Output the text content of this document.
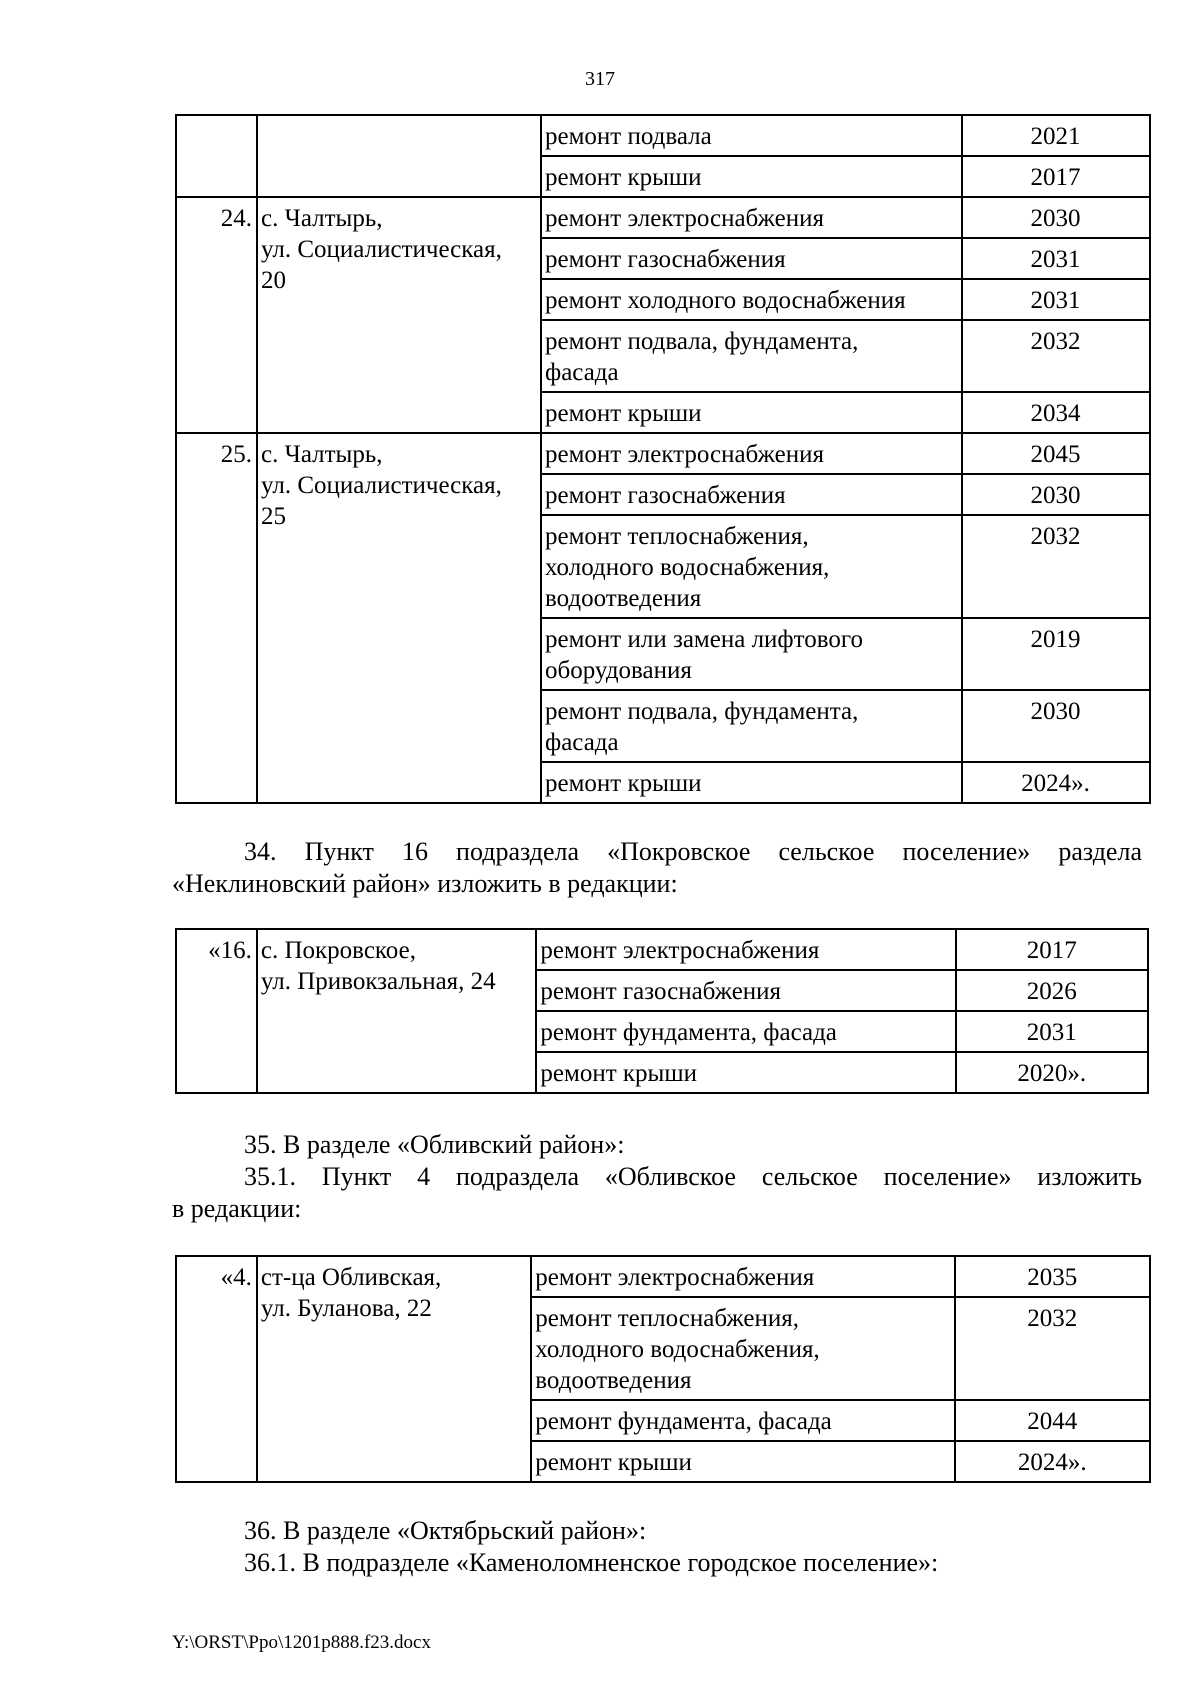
317
		ремонт подвала	2021
		ремонт крыши	2017
24.	с. Чалтырь,
ул. Социалистическая,
20	ремонт электроснабжения	2030
		ремонт газоснабжения	2031
		ремонт холодного водоснабжения	2031
		ремонт подвала, фундамента,
фасада	2032
		ремонт крыши	2034
25.	с. Чалтырь,
ул. Социалистическая,
25	ремонт электроснабжения	2045
		ремонт газоснабжения	2030
		ремонт теплоснабжения,
холодного водоснабжения,
водоотведения	2032
		ремонт или замена лифтового
оборудования	2019
		ремонт подвала, фундамента,
фасада	2030
		ремонт крыши	2024».
34. Пункт 16 подраздела «Покровское сельское поселение» раздела
«Неклиновский район» изложить в редакции:
«16.	с. Покровское,
ул. Привокзальная, 24	ремонт электроснабжения	2017
		ремонт газоснабжения	2026
		ремонт фундамента, фасада	2031
		ремонт крыши	2020».
35. В разделе «Обливский район»:
35.1. Пункт 4 подраздела «Обливское сельское поселение» изложить
в редакции:
«4.	ст-ца Обливская,
ул. Буланова, 22	ремонт электроснабжения	2035
		ремонт теплоснабжения,
холодного водоснабжения,
водоотведения	2032
		ремонт фундамента, фасада	2044
		ремонт крыши	2024».
36. В разделе «Октябрьский район»:
36.1. В подразделе «Каменоломненское городское поселение»:
Y:\ORST\Ppo\1201p888.f23.docx
